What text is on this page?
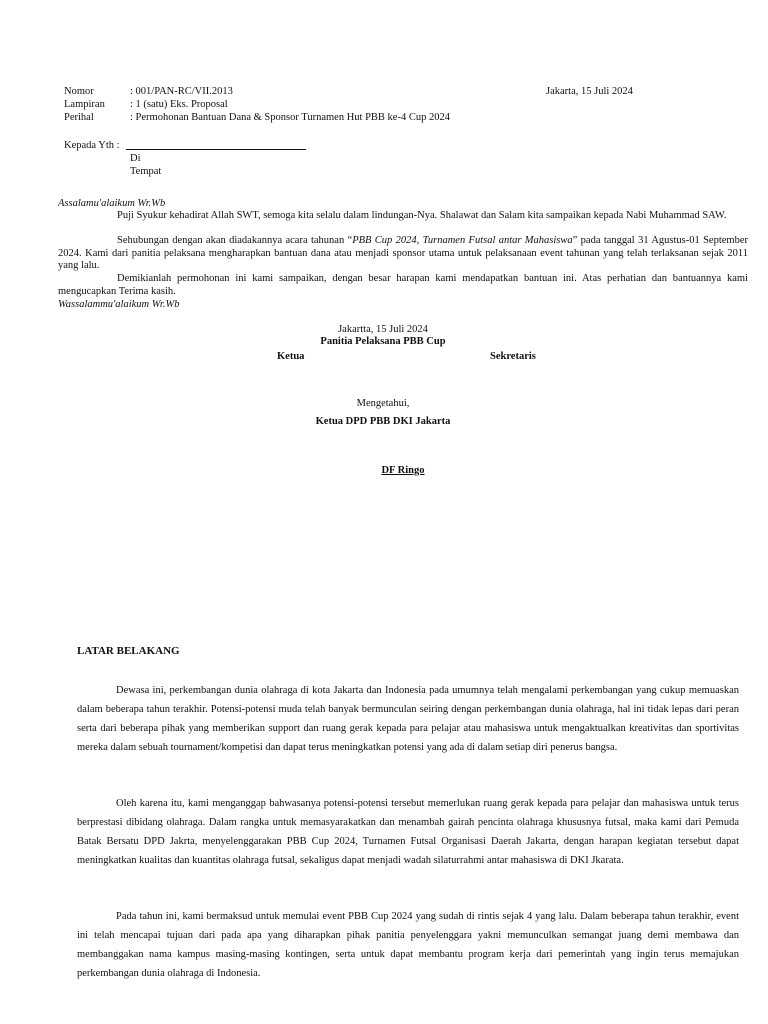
Nomor	: 001/PAN-RC/VII.2013	Jakarta, 15 Juli 2024
Lampiran : 1 (satu) Eks. Proposal
Perihal	: Permohonan Bantuan Dana & Sponsor Turnamen Hut PBB ke-4 Cup 2024
Kepada Yth :
Di
Tempat
Assalamu'alaikum Wr.Wb
Puji Syukur kehadirat Allah SWT, semoga kita selalu dalam lindungan-Nya. Shalawat dan Salam kita sampaikan kepada Nabi Muhammad SAW.
Sehubungan dengan akan diadakannya acara tahunan “PBB Cup 2024, Turnamen Futsal antar Mahasiswa” pada tanggal 31 Agustus-01 September 2024. Kami dari panitia pelaksana mengharapkan bantuan dana atau menjadi sponsor utama untuk pelaksanaan event tahunan yang telah terlaksanan sejak 2011 yang lalu.
Demikianlah permohonan ini kami sampaikan, dengan besar harapan kami mendapatkan bantuan ini. Atas perhatian dan bantuannya kami mengucapkan Terima kasih.
Wassalammu'alaikum Wr.Wb
Jakartta, 15 Juli 2024
Panitia Pelaksana PBB Cup
Ketua	Sekretaris
Mengetahui,
Ketua DPD PBB DKI Jakarta
DF Ringo
LATAR BELAKANG
Dewasa ini, perkembangan dunia olahraga di kota Jakarta dan Indonesia pada umumnya telah mengalami perkembangan yang cukup memuaskan dalam beberapa tahun terakhir. Potensi-potensi muda telah banyak bermunculan seiring dengan perkembangan dunia olahraga, hal ini tidak lepas dari peran serta dari beberapa pihak yang memberikan support dan ruang gerak kepada para pelajar atau mahasiswa untuk mengaktualkan kreativitas dan sportivitas mereka dalam sebuah tournament/kompetisi dan dapat terus meningkatkan potensi yang ada di dalam setiap diri penerus bangsa.
Oleh karena itu, kami menganggap bahwasanya potensi-potensi tersebut memerlukan ruang gerak kepada para pelajar dan mahasiswa untuk terus berprestasi dibidang olahraga. Dalam rangka untuk memasyarakatkan dan menambah gairah pencinta olahraga khususnya futsal, maka kami dari Pemuda Batak Bersatu DPD Jakrta, menyelenggarakan PBB Cup 2024, Turnamen Futsal Organisasi Daerah Jakarta, dengan harapan kegiatan tersebut dapat meningkatkan kualitas dan kuantitas olahraga futsal, sekaligus dapat menjadi wadah silaturrahmi antar mahasiswa di DKI Jkarata.
Pada tahun ini, kami bermaksud untuk memulai event PBB Cup 2024 yang sudah di rintis sejak 4 yang lalu. Dalam beberapa tahun terakhir, event ini telah mencapai tujuan dari pada apa yang diharapkan pihak panitia penyelenggara yakni memunculkan semangat juang demi membawa dan membanggakan nama kampus masing-masing kontingen, serta untuk dapat membantu program kerja dari pemerintah yang ingin terus memajukan perkembangan dunia olahraga di Indonesia.
